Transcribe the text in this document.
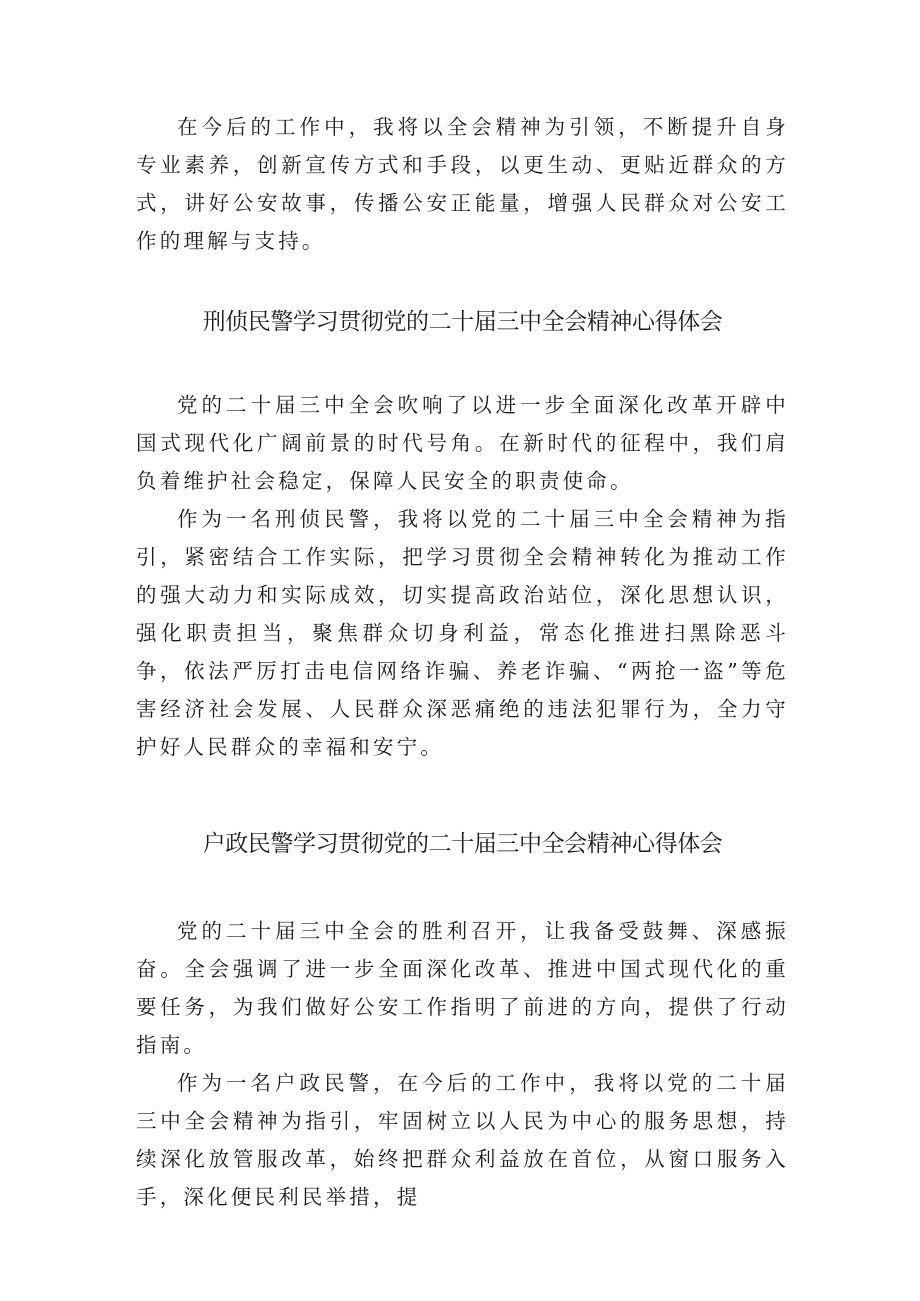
在今后的工作中，我将以全会精神为引领，不断提升自身专业素养，创新宣传方式和手段，以更生动、更贴近群众的方式，讲好公安故事，传播公安正能量，增强人民群众对公安工作的理解与支持。

刑侦民警学习贯彻党的二十届三中全会精神心得体会

党的二十届三中全会吹响了以进一步全面深化改革开辟中国式现代化广阔前景的时代号角。在新时代的征程中，我们肩负着维护社会稳定，保障人民安全的职责使命。

作为一名刑侦民警，我将以党的二十届三中全会精神为指引，紧密结合工作实际，把学习贯彻全会精神转化为推动工作的强大动力和实际成效，切实提高政治站位，深化思想认识，强化职责担当，聚焦群众切身利益，常态化推进扫黑除恶斗争，依法严厉打击电信网络诈骗、养老诈骗、“两抢一盗”等危害经济社会发展、人民群众深恶痛绝的违法犯罪行为，全力守护好人民群众的幸福和安宁。

户政民警学习贯彻党的二十届三中全会精神心得体会

党的二十届三中全会的胜利召开，让我备受鼓舞、深感振奋。全会强调了进一步全面深化改革、推进中国式现代化的重要任务，为我们做好公安工作指明了前进的方向，提供了行动指南。

作为一名户政民警，在今后的工作中，我将以党的二十届三中全会精神为指引，牢固树立以人民为中心的服务思想，持续深化放管服改革，始终把群众利益放在首位，从窗口服务入手，深化便民利民举措，提
